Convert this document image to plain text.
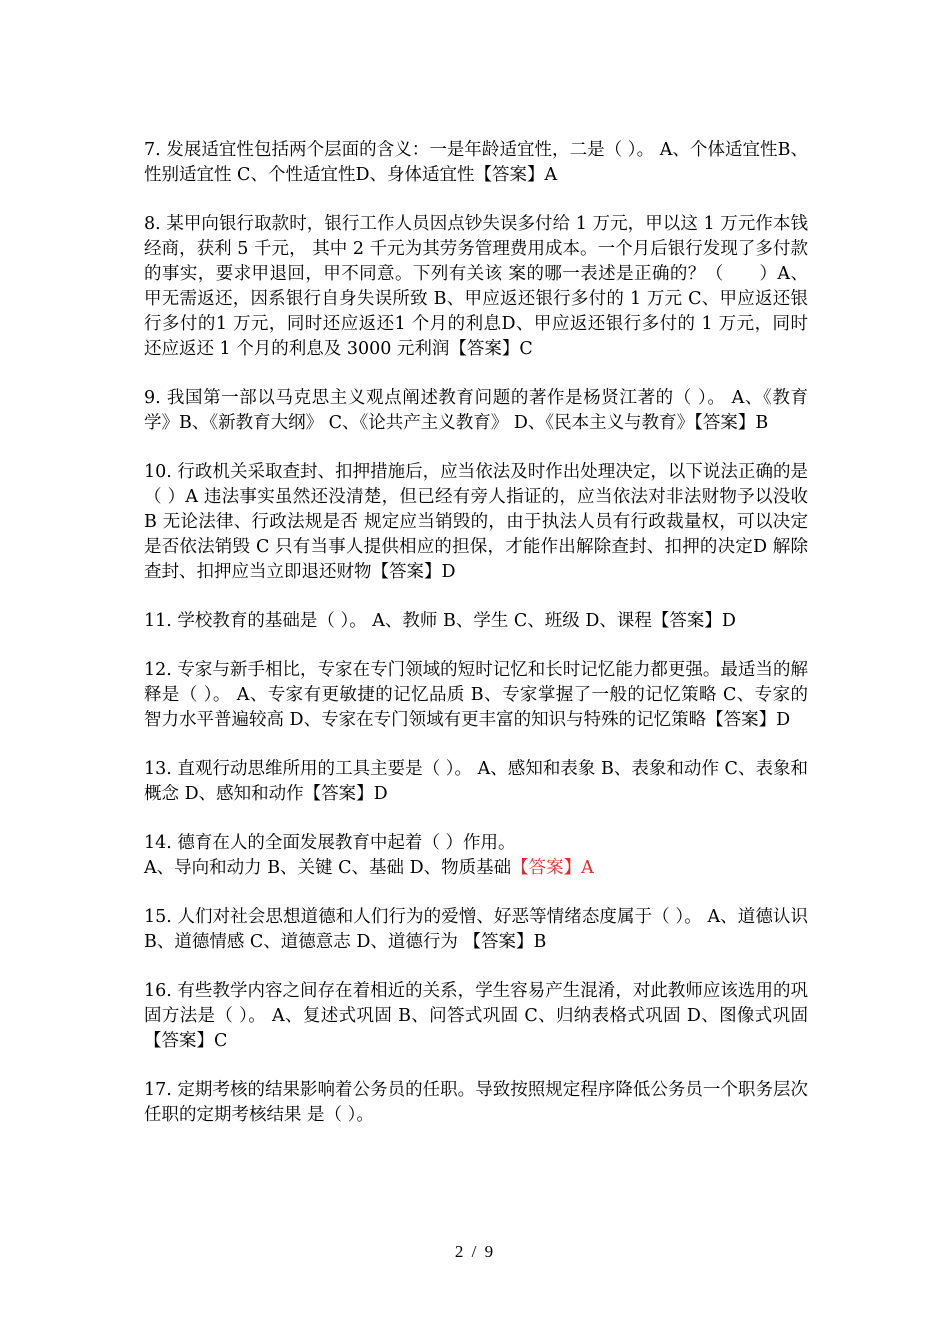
7. 发展适宜性包括两个层面的含义：一是年龄适宜性，二是（ ）。 A、个体适宜性B、性别适宜性 C、个性适宜性D、身体适宜性【答案】A

8. 某甲向银行取款时，银行工作人员因点钞失误多付给 1 万元，甲以这 1 万元作本钱经商，获利 5 千元， 其中 2 千元为其劳务管理费用成本。一个月后银行发现了多付款的事实，要求甲退回，甲不同意。下列有关该 案的哪一表述是正确的？（　　）A、甲无需返还，因系银行自身失误所致 B、甲应返还银行多付的 1 万元 C、甲应返还银行多付的1 万元，同时还应返还1 个月的利息D、甲应返还银行多付的 1 万元，同时还应返还 1 个月的利息及 3000 元利润【答案】C

9. 我国第一部以马克思主义观点阐述教育问题的著作是杨贤江著的（ ）。 A、《教育学》B、《新教育大纲》 C、《论共产主义教育》 D、《民本主义与教育》【答案】B

10. 行政机关采取查封、扣押措施后，应当依法及时作出处理决定，以下说法正确的是（ ）A 违法事实虽然还没清楚，但已经有旁人指证的，应当依法对非法财物予以没收 B 无论法律、行政法规是否 规定应当销毁的，由于执法人员有行政裁量权，可以决定是否依法销毁 C 只有当事人提供相应的担保，才能作出解除查封、扣押的决定D 解除查封、扣押应当立即退还财物【答案】D

11. 学校教育的基础是（ ）。 A、教师 B、学生 C、班级 D、课程【答案】D

12. 专家与新手相比，专家在专门领域的短时记忆和长时记忆能力都更强。最适当的解释是（ ）。 A、专家有更敏捷的记忆品质 B、专家掌握了一般的记忆策略 C、专家的智力水平普遍较高 D、专家在专门领域有更丰富的知识与特殊的记忆策略【答案】D

13. 直观行动思维所用的工具主要是（ ）。 A、感知和表象 B、表象和动作 C、表象和概念 D、感知和动作【答案】D

14. 德育在人的全面发展教育中起着（ ）作用。
A、导向和动力 B、关键 C、基础 D、物质基础【答案】A

15. 人们对社会思想道德和人们行为的爱憎、好恶等情绪态度属于（ ）。 A、道德认识 B、道德情感 C、道德意志 D、道德行为 【答案】B

16. 有些教学内容之间存在着相近的关系，学生容易产生混淆，对此教师应该选用的巩固方法是（ ）。 A、复述式巩固 B、问答式巩固 C、归纳表格式巩固 D、图像式巩固【答案】C

17. 定期考核的结果影响着公务员的任职。导致按照规定程序降低公务员一个职务层次任职的定期考核结果 是（ ）。

2 / 9
